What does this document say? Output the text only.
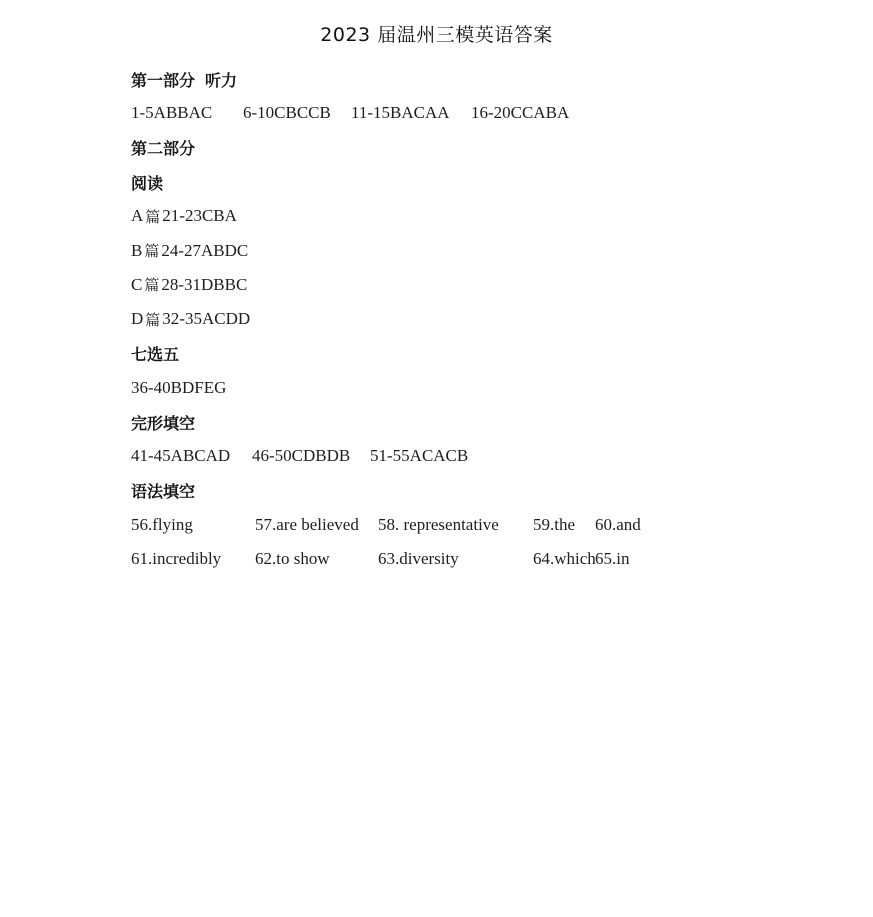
2023 届温州三模英语答案
第一部分 听力
1-5ABBAC	6-10CBCCB	11-15BACAA	16-20CCABA
第二部分
阅读
A 篇 21-23CBA
B 篇 24-27ABDC
C 篇 28-31DBBC
D 篇 32-35ACDD
七选五
36-40BDFEG
完形填空
41-45ABCAD	46-50CDBDB	51-55ACACB
语法填空
56.flying	57.are believed	58. representative	59.the	60.and
61.incredibly	62.to show	63.diversity	64.which 65.in
